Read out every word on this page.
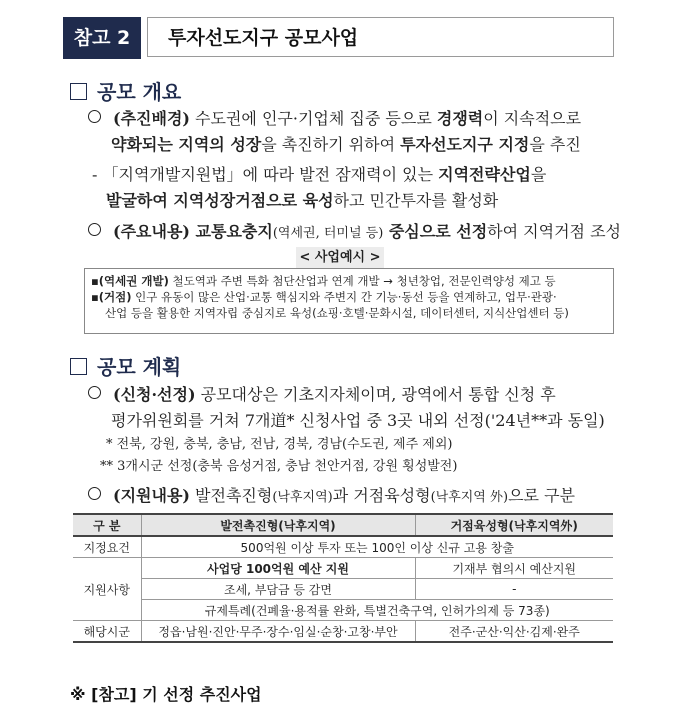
참고 2	투자선도지구 공모사업
공모 개요
(추진배경) 수도권에 인구·기업체 집중 등으로 경쟁력이 지속적으로
약화되는 지역의 성장을 촉진하기 위하여 투자선도지구 지정을 추진
- 「지역개발지원법」에 따라 발전 잠재력이 있는 지역전략산업을
발굴하여 지역성장거점으로 육성하고 민간투자를 활성화
(주요내용) 교통요충지(역세권, 터미널 등) 중심으로 선정하여 지역거점 조성
< 사업예시 >
▪(역세권 개발) 철도역과 주변 특화 첨단산업과 연계 개발 → 청년창업, 전문인력양성 제고 등
▪(거점) 인구 유동이 많은 산업·교통 핵심지와 주변지 간 기능·동선 등을 연계하고, 업무·관광·
산업 등을 활용한 지역자립 중심지로 육성(쇼핑·호텔·문화시설, 데이터센터, 지식산업센터 등)
공모 계획
(신청·선정) 공모대상은 기초지자체이며, 광역에서 통합 신청 후
평가위원회를 거쳐 7개道* 신청사업 중 3곳 내외 선정('24년**과 동일)
* 전북, 강원, 충북, 충남, 전남, 경북, 경남(수도권, 제주 제외)
** 3개시군 선정(충북 음성거점, 충남 천안거점, 강원 횡성발전)
(지원내용) 발전촉진형(낙후지역)과 거점육성형(낙후지역 外)으로 구분
구 분	발전촉진형(낙후지역)	거점육성형(낙후지역外)
지정요건	500억원 이상 투자 또는 100인 이상 신규 고용 창출	
지원사항	사업당 100억원 예산 지원	기재부 협의시 예산지원
	조세, 부담금 등 감면	-
	규제특례(건폐율·용적률 완화, 특별건축구역, 인허가의제 등 73종)	
해당시군	정읍·남원·진안·무주·장수·임실·순창·고창·부안	전주·군산·익산·김제·완주
※ [참고] 기 선정 추진사업
